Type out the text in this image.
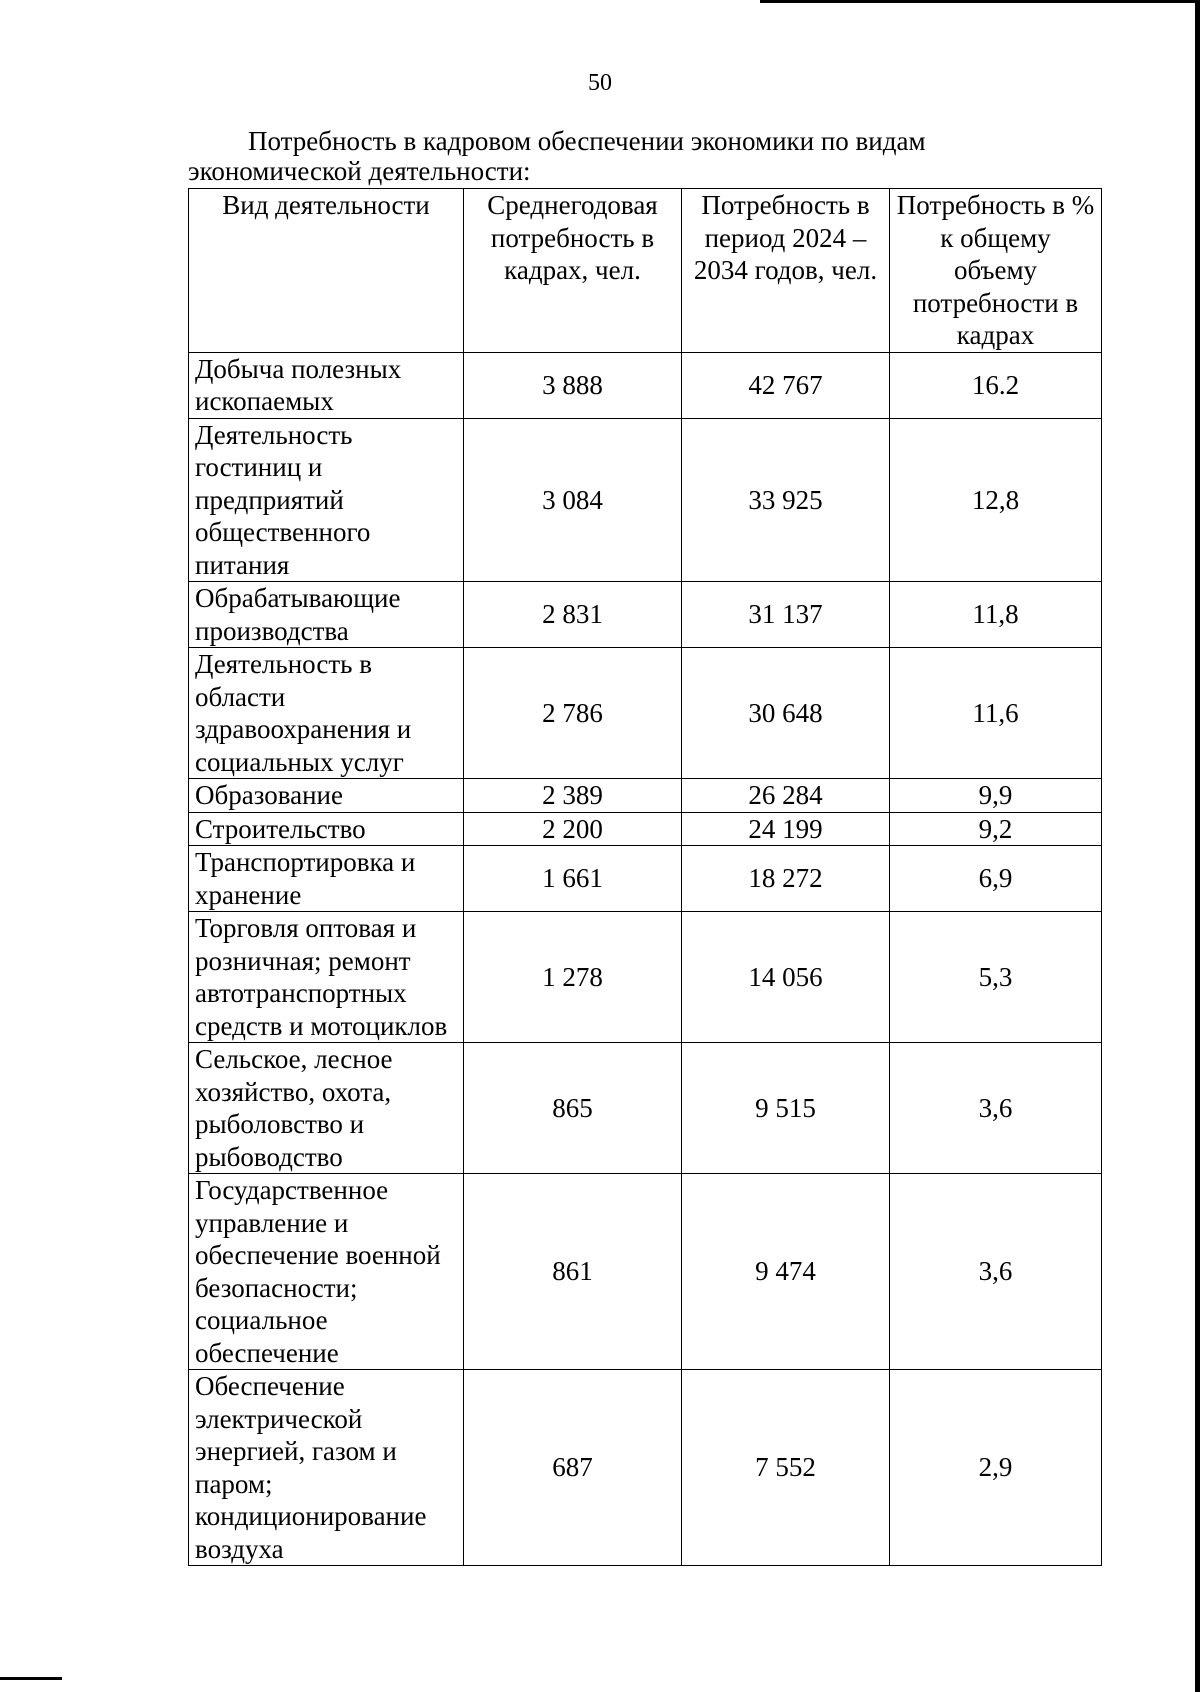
50
Потребность в кадровом обеспечении экономики по видам экономической деятельности:
Вид деятельности	Среднегодовая потребность в кадрах, чел.	Потребность в период 2024 – 2034 годов, чел.	Потребность в % к общему объему потребности в кадрах
Добыча полезных ископаемых	3 888	42 767	16.2
Деятельность гостиниц и предприятий общественного питания	3 084	33 925	12,8
Обрабатывающие производства	2 831	31 137	11,8
Деятельность в области здравоохранения и социальных услуг	2 786	30 648	11,6
Образование	2 389	26 284	9,9
Строительство	2 200	24 199	9,2
Транспортировка и хранение	1 661	18 272	6,9
Торговля оптовая и розничная; ремонт автотранспортных средств и мотоциклов	1 278	14 056	5,3
Сельское, лесное хозяйство, охота, рыболовство и рыбоводство	865	9 515	3,6
Государственное управление и обеспечение военной безопасности; социальное обеспечение	861	9 474	3,6
Обеспечение электрической энергией, газом и паром; кондиционирование воздуха	687	7 552	2,9
